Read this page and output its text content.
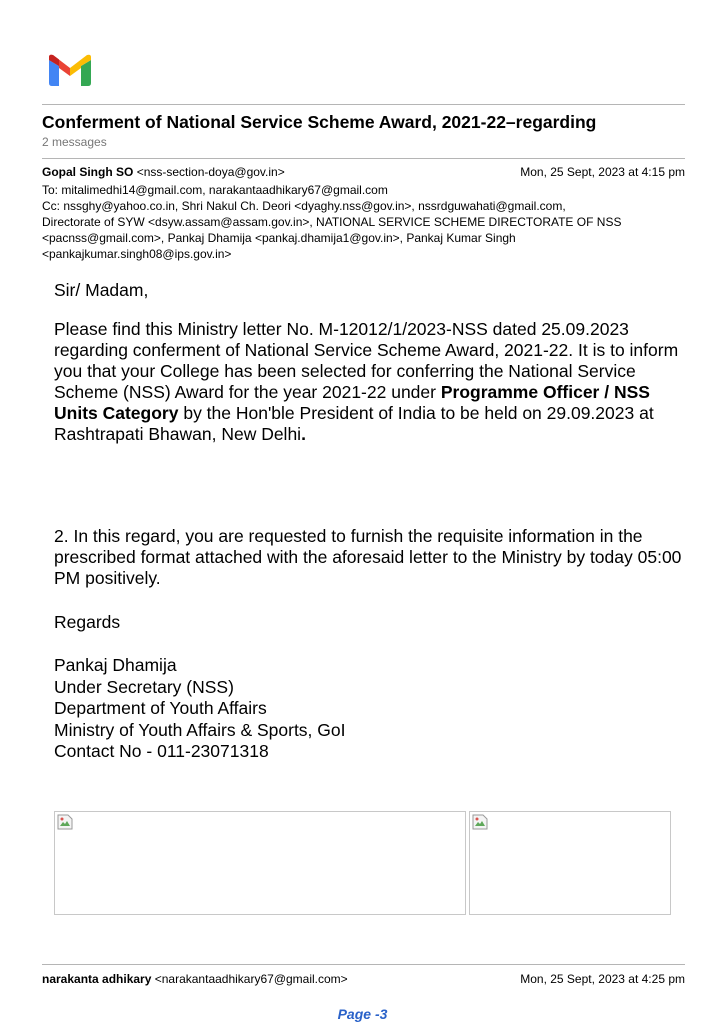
Conferment of National Service Scheme Award, 2021-22–regarding
2 messages
Gopal Singh SO <nss-section-doya@gov.in>	Mon, 25 Sept, 2023 at 4:15 pm
To: mitalimedhi14@gmail.com, narakantaadhikary67@gmail.com
Cc: nssghy@yahoo.co.in, Shri Nakul Ch. Deori <dyaghy.nss@gov.in>, nssrdguwahati@gmail.com,
Directorate of SYW <dsyw.assam@assam.gov.in>, NATIONAL SERVICE SCHEME DIRECTORATE OF NSS
<pacnss@gmail.com>, Pankaj Dhamija <pankaj.dhamija1@gov.in>, Pankaj Kumar Singh
<pankajkumar.singh08@ips.gov.in>
Sir/ Madam,
Please find this Ministry letter No. M-12012/1/2023-NSS dated 25.09.2023 regarding conferment of National Service Scheme Award, 2021-22. It is to inform you that your College has been selected for conferring the National Service Scheme (NSS) Award for the year 2021-22 under Programme Officer / NSS Units Category by the Hon'ble President of India to be held on 29.09.2023 at Rashtrapati Bhawan, New Delhi.
2. In this regard, you are requested to furnish the requisite information in the prescribed format attached with the aforesaid letter to the Ministry by today 05:00 PM positively.
Regards
Pankaj Dhamija
Under Secretary (NSS)
Department of Youth Affairs
Ministry of Youth Affairs & Sports, GoI
Contact No - 011-23071318
narakanta adhikary <narakantaadhikary67@gmail.com>	Mon, 25 Sept, 2023 at 4:25 pm
Page -3
